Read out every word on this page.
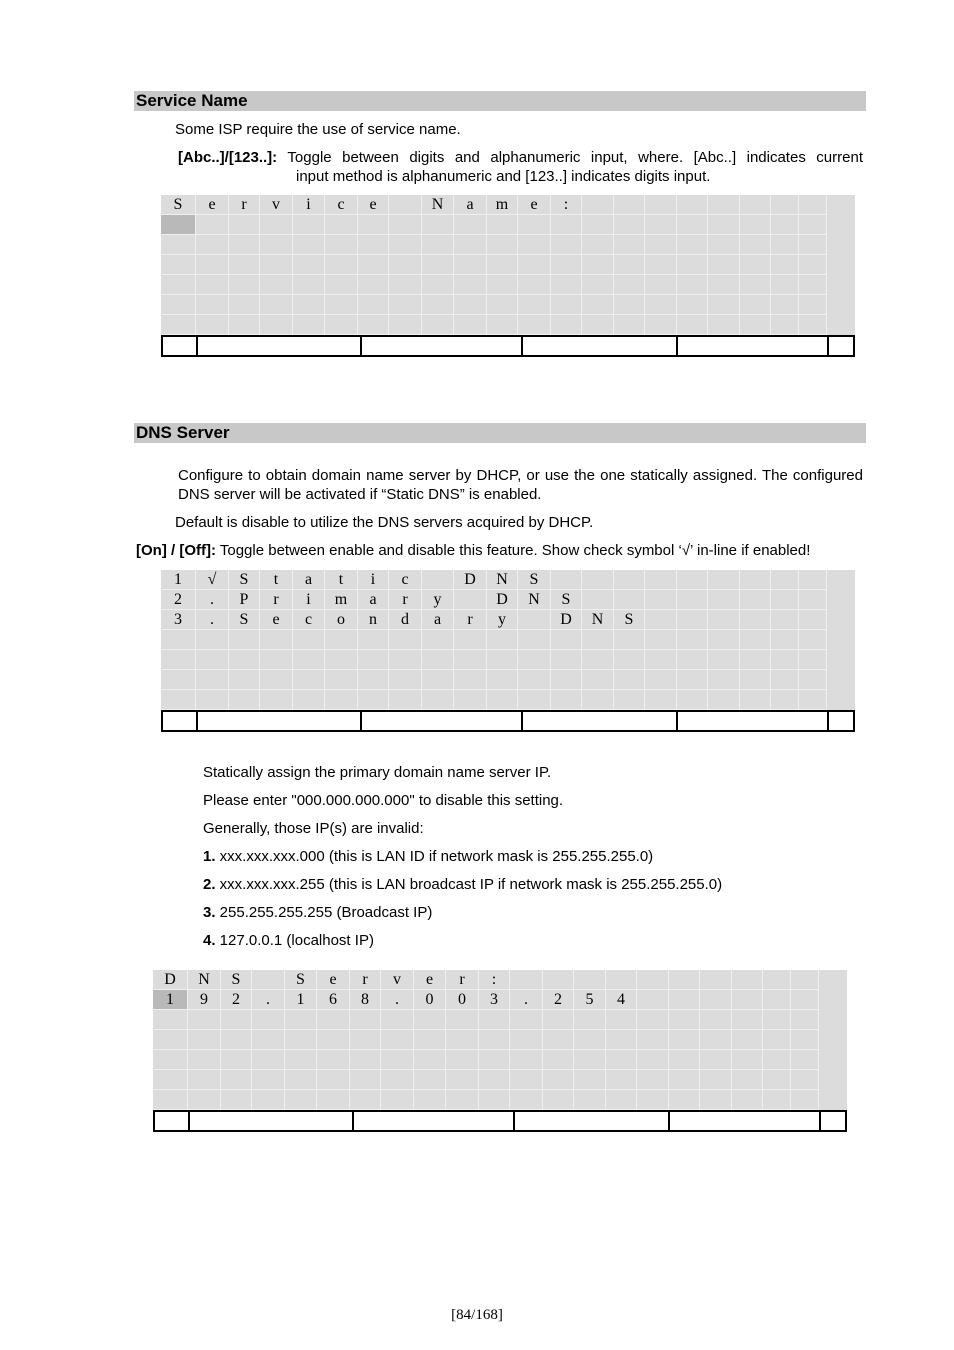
Service Name
Some ISP require the use of service name.
[Abc..]/[123..]: Toggle between digits and alphanumeric input, where. [Abc..] indicates current
input method is alphanumeric and [123..] indicates digits input.
S	e	r	v	i	c	e	N	a	m	e	:
DNS Server
Configure to obtain domain name server by DHCP, or use the one statically assigned. The configured DNS server will be activated if “Static DNS” is enabled.
Default is disable to utilize the DNS servers acquired by DHCP.
[On] / [Off]: Toggle between enable and disable this feature. Show check symbol ‘√’ in-line if enabled!
1	√	S	t	a	t	i	c	D	N	S
2	.	P	r	i	m	a	r	y	D	N	S
3	.	S	e	c	o	n	d	a	r	y	D	N	S
Statically assign the primary domain name server IP.
Please enter "000.000.000.000" to disable this setting.
Generally, those IP(s) are invalid:
1. xxx.xxx.xxx.000 (this is LAN ID if network mask is 255.255.255.0)
2. xxx.xxx.xxx.255 (this is LAN broadcast IP if network mask is 255.255.255.0)
3. 255.255.255.255 (Broadcast IP)
4. 127.0.0.1 (localhost IP)
D	N	S	S	e	r	v	e	r	:
1	9	2	.	1	6	8	.	0	0	3	.	2	5	4
[84/168]
